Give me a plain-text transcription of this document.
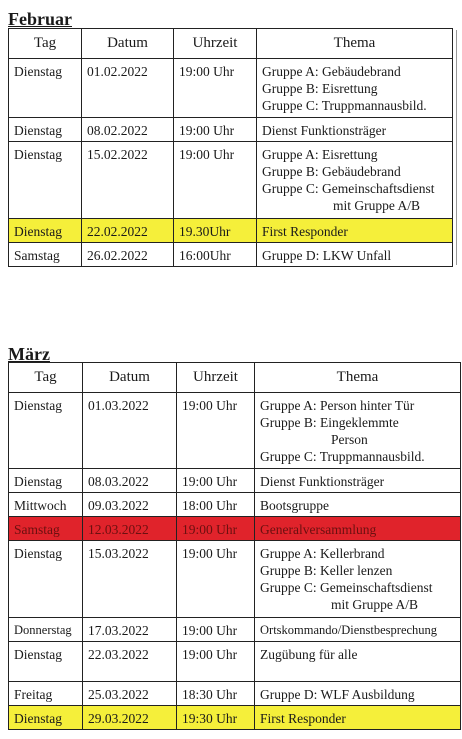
Februar
Tag	Datum	Uhrzeit	Thema
Dienstag	01.02.2022	19:00 Uhr	Gruppe A: Gebäudebrand
Gruppe B: Eisrettung
Gruppe C: Truppmannausbild.

Dienstag	08.02.2022	19:00 Uhr	Dienst Funktionsträger

Dienstag	15.02.2022	19:00 Uhr	Gruppe A: Eisrettung
Gruppe B: Gebäudebrand
Gruppe C: Gemeinschaftsdienst
mit Gruppe A/B

Dienstag	22.02.2022	19.30Uhr	First Responder

Samstag	26.02.2022	16:00Uhr	Gruppe D: LKW Unfall
März
Tag	Datum	Uhrzeit	Thema
Dienstag	01.03.2022	19:00 Uhr	Gruppe A: Person hinter Tür
Gruppe B: Eingeklemmte
Person
Gruppe C: Truppmannausbild.

Dienstag	08.03.2022	19:00 Uhr	Dienst Funktionsträger

Mittwoch	09.03.2022	18:00 Uhr	Bootsgruppe

Samstag	12.03.2022	19:00 Uhr	Generalversammlung

Dienstag	15.03.2022	19:00 Uhr	Gruppe A: Kellerbrand
Gruppe B: Keller lenzen
Gruppe C: Gemeinschaftsdienst
mit Gruppe A/B

Donnerstag	17.03.2022	19:00 Uhr	Ortskommando/Dienstbesprechung

Dienstag	22.03.2022	19:00 Uhr	Zugübung für alle

Freitag	25.03.2022	18:30 Uhr	Gruppe D: WLF Ausbildung

Dienstag	29.03.2022	19:30 Uhr	First Responder
